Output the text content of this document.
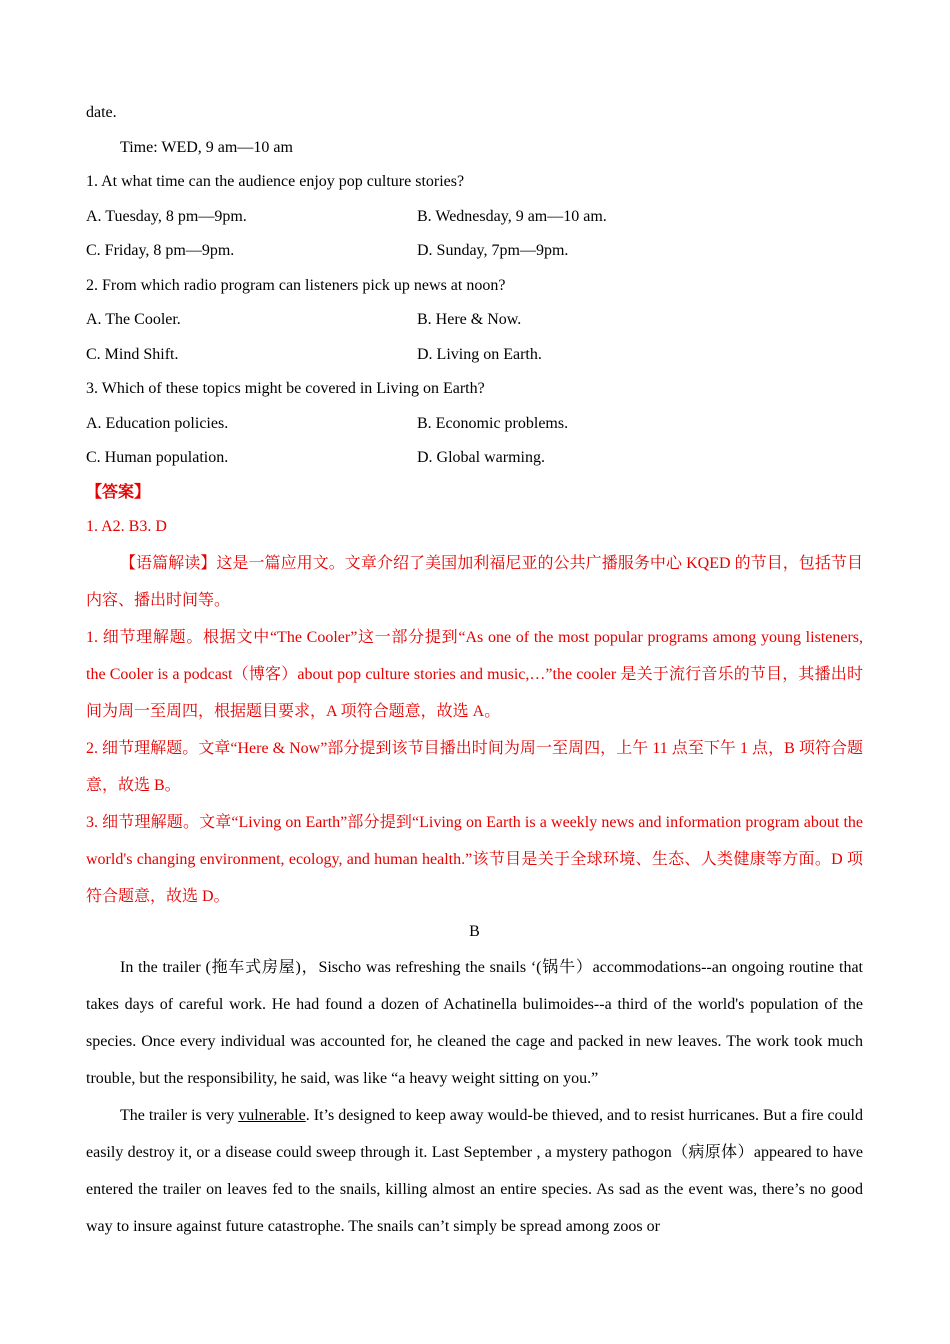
date.
Time: WED, 9 am—10 am
1. At what time can the audience enjoy pop culture stories?
A. Tuesday, 8 pm—9pm.	B. Wednesday, 9 am—10 am.
C. Friday, 8 pm—9pm.	D. Sunday, 7pm—9pm.
2. From which radio program can listeners pick up news at noon?
A. The Cooler.	B. Here & Now.
C. Mind Shift.	D. Living on Earth.
3. Which of these topics might be covered in Living on Earth?
A. Education policies.	B. Economic problems.
C. Human population.	D. Global warming.
【答案】
1. A2. B3. D
【语篇解读】这是一篇应用文。文章介绍了美国加利福尼亚的公共广播服务中心 KQED 的节目，包括节目内容、播出时间等。
1. 细节理解题。根据文中“The Cooler”这一部分提到“As one of the most popular programs among young listeners, the Cooler is a podcast（博客）about pop culture stories and music,…”the cooler 是关于流行音乐的节目，其播出时间为周一至周四，根据题目要求，A 项符合题意，故选 A。
2. 细节理解题。文章“Here & Now”部分提到该节目播出时间为周一至周四，上午 11 点至下午 1 点，B 项符合题意，故选 B。
3. 细节理解题。文章“Living on Earth”部分提到“Living on Earth is a weekly news and information program about the world's changing environment, ecology, and human health.”该节目是关于全球环境、生态、人类健康等方面。D 项符合题意，故选 D。
B
In the trailer (拖车式房屋)，Sischo was refreshing the snails ‘(锅牛）accommodations--an ongoing routine that takes days of careful work. He had found a dozen of Achatinella bulimoides--a third of the world's population of the species. Once every individual was accounted for, he cleaned the cage and packed in new leaves. The work took much trouble, but the responsibility, he said, was like “a heavy weight sitting on you.”
The trailer is very vulnerable. It’s designed to keep away would-be thieved, and to resist hurricanes. But a fire could easily destroy it, or a disease could sweep through it. Last September , a mystery pathogon（病原体）appeared to have entered the trailer on leaves fed to the snails, killing almost an entire species. As sad as the event was, there’s no good way to insure against future catastrophe. The snails can’t simply be spread among zoos or
